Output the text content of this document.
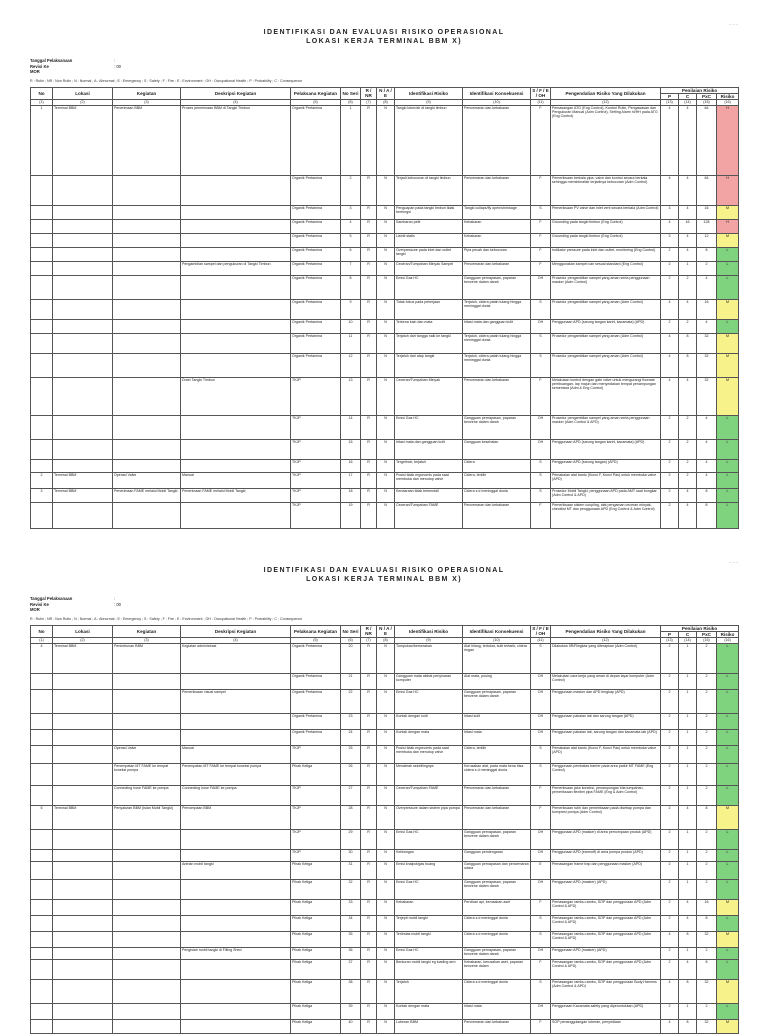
~ ~ ~
IDENTIFIKASI DAN EVALUASI RISIKO OPERASIONAL
LOKASI KERJA TERMINAL BBM X)
Tanggal Pelaksanaan	:
Revisi Ke	: 00
MOR
R : Rutin ; NR : Non Rutin ; N : Normal ; A : Abnormal ; E : Emergency ; S : Safety ; F : Fire ; E : Environment ; OH : Occupational Health ; P : Probability ; C : Consequence
No	Lokasi	Kegiatan	Deskripsi Kegiatan	Pelaksana Kegiatan	No Seri	R / NR	N / A / E	Identifikasi Risiko	Identifikasi Konsekuensi	S / F / E / OH	Pengendalian Risiko Yang Dilakukan	Penilaian Risiko			
												P	C	PxC	Risiko
(1)	(2)	(3)	(4)	(5)	(6)	(7)	(8)	(9)	(10)	(11)	(12)	(13)	(14)	(15)	(16)
1	Terminal BBM	Penerimaan BBM	Proses penerimaan BBM di Tangki Timbun	Organik Pertamina	1	R	N	Tangki luber/air di tangki timbun	Pencemaran dan kebakaran	F	Pemasangan ATG (Eng Control), Kontrol Rutin, Pengawasan dan Pengukuran Manual (Adm Control), Setting Alarm hi/HH pada ATG (Eng Control)	4	4	64	H
				Organik Pertamina	2	R	N	Terjadi kebocoran di tangki timbun	Pencemaran dan kebakaran	F	Pemeriksaan berkala pipa, valve dan kontrol secara berkala sehingga meminimalisir terjadinya kebocoran (Adm Control)	4	4	64	H
				Organik Pertamina	3	R	N	Penguapan pada tangki timbun tidak berfungsi	Tangki collaps/fly open/shrinkage	S	Pemeriksaan PV valve dan inlet vent secara berkala (Adm Control)	3	4	16	M
				Organik Pertamina	4	R	N	Sambaran petir	Kebakaran	F	Grounding pada tangki timbun (Eng Control)	4	16	128	H
				Organik Pertamina	5	R	N	Listrik statis	Kebakaran	F	Grounding pada tangki timbun (Eng Control)	3	4	12	M
				Organik Pertamina	6	R	N	Overpressure pada inlet dan outlet tangki	Pipa pecah dan kebocoran	F	Indikator pressure pada inlet dan outlet, monitoring (Eng Control)	2	4	8	L
			Pengambilan sampel dan pengukuran di Tangki Timbun	Organik Pertamina	7	R	N	Ceceran/Tumpahan Minyak Sampel	Pencemaran dan kebakaran	F	Menggunakan sampel can sesuai standard (Eng Control)	2	1	2	L
				Organik Pertamina	8	R	N	Emisi Gas HC	Gangguan pernapasan, paparan benzene dalam darah	OH	Prosedur pengambilan sampel yang aman serta penggunaan masker (Adm Control)	2	2	4	L
				Organik Pertamina	9	R	N	Tidak fokus pada pekerjaan	Terjatuh, cidera patah tulang hingga meninggal dunia	S	Prosedur pengambilan sampel yang aman (Adm Control)	4	4	16	M
				Organik Pertamina	10	R	N	Terkena kain dan mata	Iritasi mata dan gangguan kulit	OH	Penggunaan APD (sarung tangan karet, kacamata) (APD)	2	2	4	L
				Organik Pertamina	11	R	N	Terjatuh dari tangga naik ke tangki	Terjatuh, cidera patah tulang hingga meninggal dunia	S	Prosedur pengambilan sampel yang aman (Adm Control)	4	8	32	M
				Organik Pertamina	12	R	N	Terjatuh dari atap tangki	Terjatuh, cidera patah tulang hingga meninggal dunia	S	Prosedur pengambilan sampel yang aman (Adm Control)	4	8	32	M
			Drain Tangki Timbun	TKJP	13	R	N	Ceceran/Tumpahan Minyak	Pencemaran dan kebakaran	F	Melakukan kontrol dengan gate valve untuk mengurangi flowrate pembuangan, lap majun dan menyediakan tempat penampungan sementara (Adm & Eng Control)	4	4	32	M
				TKJP	14	R	N	Emisi Gas HC	Gangguan pernapasan, paparan benzene dalam darah	OH	Prosedur pengambilan sampel yang aman serta penggunaan masker (Adm Control & APD)	2	2	4	L
				TKJP	15	R	N	Iritasi mata dan gangguan kulit	Gangguan kesehatan	OH	Penggunaan APD (sarung tangan karet, kacamata) (APD)	2	2	4	L
				TKJP	16	R	N	Tergelincir, terjatuh	Cidera	S	Penggunaan APD (sarung tangan) (APD)	2	2	4	L
2	Terminal BBM	Operasi Valve	Manual	TKJP	17	R	N	Posisi tidak ergonomis pada saat membuka dan menutup valve	Cidera, terkilir	S	Pemakaian alat bantu (Kunci F, Kunci Pas) untuk membuka valve (APD)	2	2	4	L
3	Terminal BBM	Penerimaan FAME melalui Mobil Tangki	Penerimaan FAME melalui Mobil Tangki	TKJP	18	R	N	Kendaraan tidak terkendali	Cidera s.d meninggal dunia	S	Prosedur Mobil Tangki, penggunaan APD pada AMT saat bongkar (Adm Control & APD)	2	4	8	L
				TKJP	19	R	N	Ceceran/Tumpahan FAME	Pencemaran dan kebakaran	F	Pemeriksaan sistem coupling, alat pengaman ceceran minyak, checklist MT dan penggunaan APD (Eng Control & Adm Control)	2	4	8	L
~ ~ ~
IDENTIFIKASI DAN EVALUASI RISIKO OPERASIONAL
LOKASI KERJA TERMINAL BBM X)
Tanggal Pelaksanaan	:
Revisi Ke	: 00
MOR
R : Rutin ; NR : Non Rutin ; N : Normal ; A : Abnormal ; E : Emergency ; S : Safety ; F : Fire ; E : Environment ; OH : Occupational Health ; P : Probability ; C : Consequence
No	Lokasi	Kegiatan	Deskripsi Kegiatan	Pelaksana Kegiatan	No Seri	R / NR	N / A / E	Identifikasi Risiko	Identifikasi Konsekuensi	S / F / E / OH	Pengendalian Risiko Yang Dilakukan	Penilaian Risiko			
												P	C	PxC	Risiko
(1)	(2)	(3)	(4)	(5)	(6)	(7)	(8)	(9)	(10)	(11)	(12)	(13)	(14)	(15)	(16)
4	Terminal BBM	Penimbunan BBM	Kegiatan administrasi	Organik Pertamina	20	R	N	Tumpukan/berserakan	Alat hilang, tertukar, sulit tertarik, cidera ringan	S	Dilakukan 5R/Ringkas yang diterapkan (Adm Control)	2	1	2	L
				Organik Pertamina	21	R	N	Gangguan mata akibat penyinaran komputer	Alat mata, pusing	OH	Melakukan cara kerja yang aman di depan layar komputer (Adm Control)	2	1	2	L
			Pemeriksaan visual sampel	Organik Pertamina	22	R	N	Emisi Gas HC	Gangguan pernapasan, paparan benzene dalam darah	OH	Penggunaan masker dan APD lengkap (APD)	2	1	2	L
				Organik Pertamina	23	R	N	Kontak dengan kulit	Iritasi kulit	OH	Penggunaan pakaian lab dan sarung tangan (APD)	2	1	2	L
				Organik Pertamina	24	R	N	Kontak dengan mata	Iritasi mata	OH	Penggunaan pakaian lab, sarung tangan dan kacamata lab (APD)	2	1	2	L
		Operasi Valve	Manual	TKJP	25	R	N	Posisi tidak ergonomis pada saat membuka dan menutup valve	Cidera, terkilir	S	Pemakaian alat bantu (Kunci F, Kunci Pas) untuk membuka valve (APD)	2	1	2	L
		Penempatan MT FAME ke tempat koneksi pompa	Penempatan MT FAME ke tempat koneksi pompa	Pihak Ketiga	26	R	N	Menabrak sekelilingnya	Kerusakan alat, pada mata kena bisa cidera s.d meninggal dunia	S	Penggunaan pembatas barrier pada area parkir MT FAME (Eng Control)	2	1	2	L
		Connecting hose FAME ke pompa	Connecting hose FAME ke pompa	TKJP	27	R	N	Ceceran/Tumpahan FAME	Pencemaran dan kebakaran	F	Pemeriksaan jalur koneksi, penampungan bila tumpahan, pemeriksaan flexibel pipa FAME (Eng & Adm Control)	2	1	2	L
5	Terminal BBM	Penyaluran BBM (Isian Mobil Tangki)	Pemompaan BBM	TKJP	28	R	N	Overpressure dalam sistem pipa pompa	Pencemaran dan kebakaran	F	Pemeriksaan rutin dan pemeriksaan pada disetiap pompa dan kompresi pompa (Adm Control)	2	4	8	M
				TKJP	29	R	N	Emisi Gas HC	Gangguan pernapasan, paparan benzene dalam darah	OH	Penggunaan APD (masker) di area pemompaan produk (APD)	2	1	2	L
				TKJP	30	R	N	Kebisingan	Gangguan pendengaran	OH	Penggunaan APD (earmuff) di area pompa produk (APD)	2	1	2	L
			Antrian mobil tangki	Pihak Ketiga	31	R	N	Emisi knalpot/gas buang	Gangguan pernapasan dan pencemaran udara	E	Pemasangan frame trap dan penggunaan masker (APD)	2	1	2	L
				Pihak Ketiga	32	R	N	Emisi Gas HC	Gangguan pernapasan, paparan benzene dalam darah	OH	Penggunaan APD (masker) (APD)	2	1	2	L
				Pihak Ketiga	33	R	N	Kebakaran	Percikan api, kerusakan aset	F	Pemasangan rambu-rambu, SOP dan penggunaan APD (Adm Control & APD)	2	4	16	M
				Pihak Ketiga	34	R	N	Terjepit mobil tangki	Cidera s.d meninggal dunia	S	Pemasangan rambu-rambu, SOP dan penggunaan APD (Adm Control & APD)	2	4	8	L
				Pihak Ketiga	35	R	N	Terlindas mobil tangki	Cidera s.d meninggal dunia	S	Pemasangan rambu-rambu, SOP dan penggunaan APD (Adm Control & APD)	4	8	32	M
			Pengisian mobil tangki di Filling Shed	Pihak Ketiga	36	R	N	Emisi Gas HC	Gangguan pernapasan, paparan benzene dalam darah	OH	Penggunaan APD (masker) (APD)	2	1	2	L
				Pihak Ketiga	37	R	N	Benturan mobil tangki eg loading arm	Kebakaran, kerusakan aset, paparan benzene dalam	F	Pemasangan rambu-rambu, SOP dan penggunaan APD (Adm Control & APD)	2	4	8	L
				Pihak Ketiga	38	R	N	Terjatuh	Cidera s.d meninggal dunia	S	Pemasangan rambu-rambu, SOP dan penggunaan Body Harness (Adm Control & APD)	4	8	32	M
				Pihak Ketiga	39	R	N	Kontak dengan mata	Iritasi mata	OH	Penggunaan Kacamata safety yang diperuntukkan (APD)	2	1	2	L
				Pihak Ketiga	40	R	N	Luberan BBM	Pencemaran dan kebakaran	F	SOP penanggulangan luberan, penyediaan	4	8	32	M
